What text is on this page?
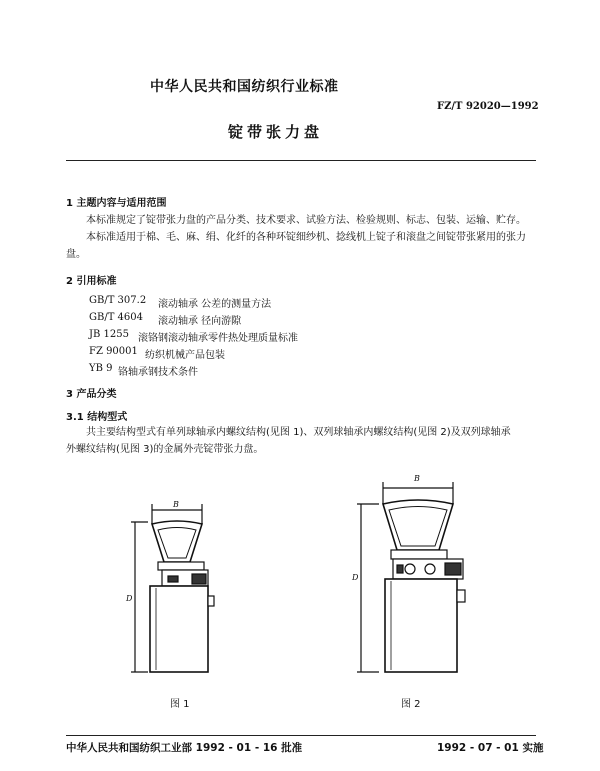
中华人民共和国纺织行业标准
FZ/T 92020—1992
锭带张力盘
1 主题内容与适用范围
本标准规定了锭带张力盘的产品分类、技术要求、试验方法、检验规则、标志、包装、运输、贮存。
本标准适用于棉、毛、麻、绢、化纤的各种环锭细纱机、捻线机上锭子和滚盘之间锭带张紧用的张力
盘。
2 引用标准
GB/T 307.2 滚动轴承 公差的测量方法
GB/T 4604 滚动轴承 径向游隙
JB 1255 滚铬钢滚动轴承零件热处理质量标准
FZ 90001 纺织机械产品包装
YB 9 铬轴承钢技术条件
3 产品分类
3.1 结构型式
共主要结构型式有单列球轴承内螺纹结构(见图 1)、双列球轴承内螺纹结构(见图 2)及双列球轴承
外螺纹结构(见图 3)的金属外壳锭带张力盘。
B
D
图 1
B
D
图 2
中华人民共和国纺织工业部 1992 - 01 - 16 批准	1992 - 07 - 01 实施
